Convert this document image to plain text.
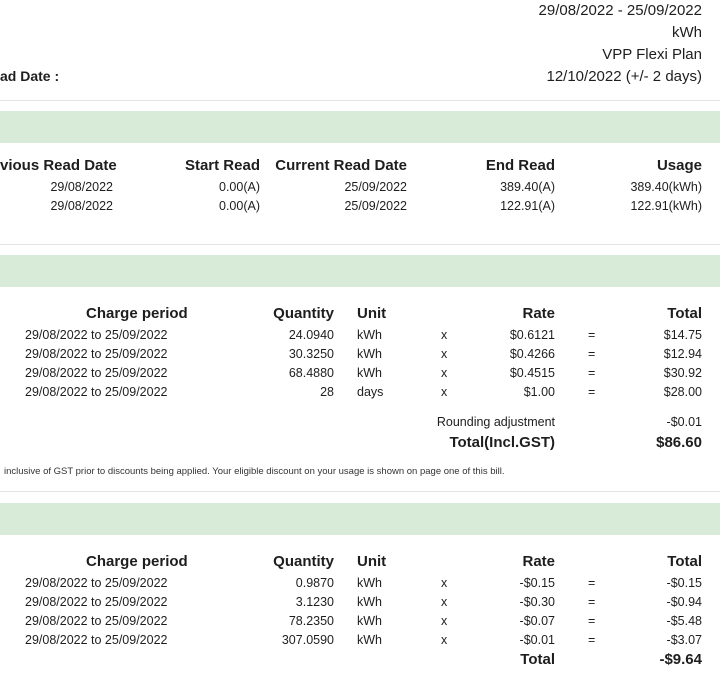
29/08/2022 - 25/09/2022
kWh
VPP Flexi Plan
ad Date :	12/10/2022 (+/- 2 days)
vious Read Date	Start Read Current Read Date	End Read	Usage
29/08/2022	0.00(A)	25/09/2022	389.40(A)	389.40(kWh)
29/08/2022	0.00(A)	25/09/2022	122.91(A)	122.91(kWh)
Charge period	Quantity Unit	Rate	Total
29/08/2022 to 25/09/2022	24.0940 kWh	x	$0.6121	=	$14.75
29/08/2022 to 25/09/2022	30.3250 kWh	x	$0.4266	=	$12.94
29/08/2022 to 25/09/2022	68.4880 kWh	x	$0.4515	=	$30.92
29/08/2022 to 25/09/2022	28 days	x	$1.00	=	$28.00
Rounding adjustment	-$0.01
Total(Incl.GST)	$86.60
inclusive of GST prior to discounts being applied. Your eligible discount on your usage is shown on page one of this bill.
Charge period	Quantity Unit	Rate	Total
29/08/2022 to 25/09/2022	0.9870 kWh	x	-$0.15	=	-$0.15
29/08/2022 to 25/09/2022	3.1230 kWh	x	-$0.30	=	-$0.94
29/08/2022 to 25/09/2022	78.2350 kWh	x	-$0.07	=	-$5.48
29/08/2022 to 25/09/2022	307.0590 kWh	x	-$0.01	=	-$3.07
Total	-$9.64
